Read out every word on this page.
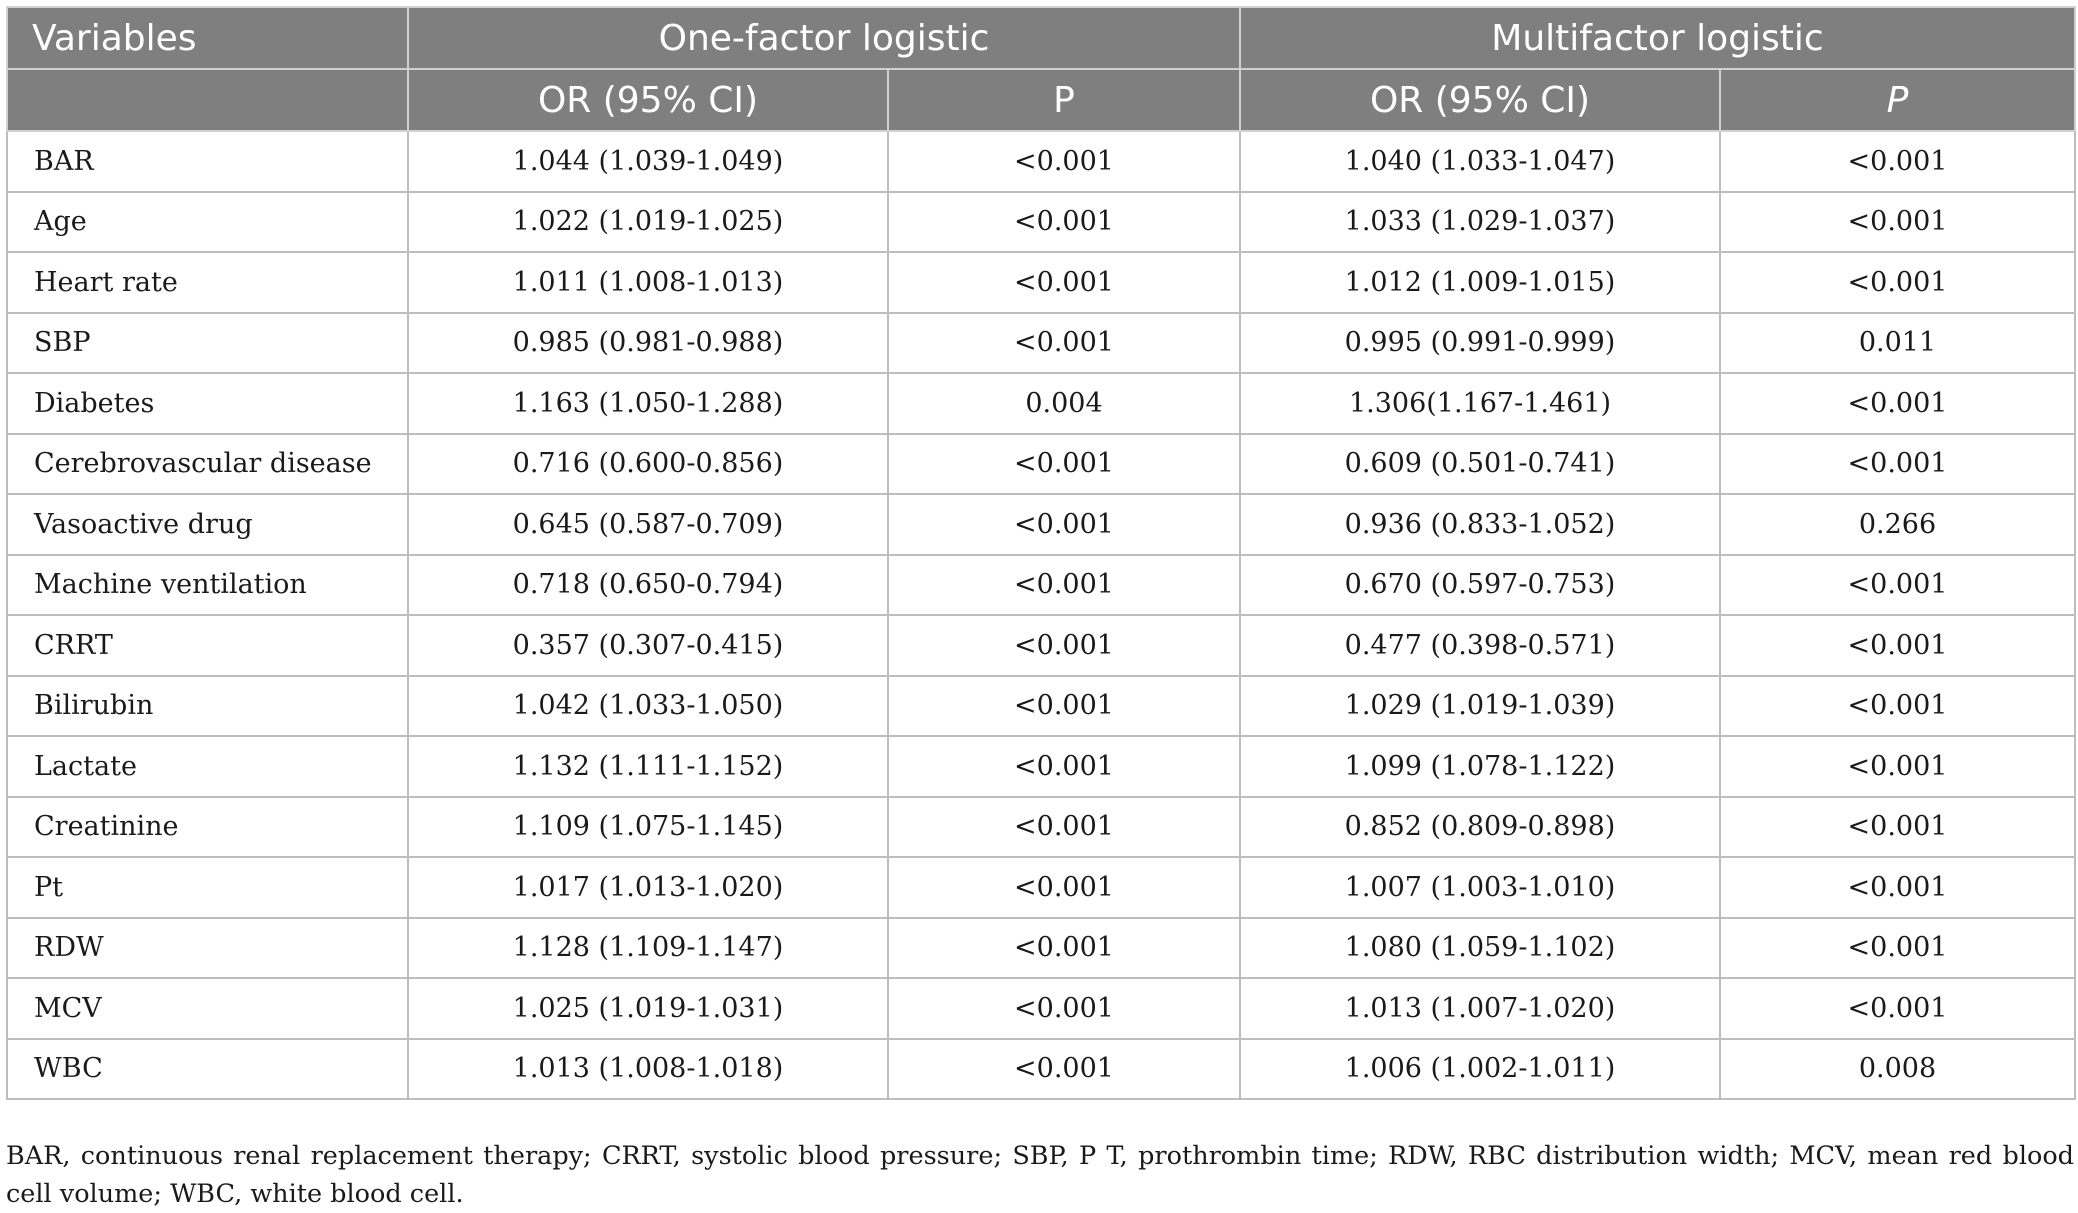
Variables	One-factor logistic		Multifactor logistic	
	OR (95% CI)	P	OR (95% CI)	P
BAR	1.044 (1.039-1.049)	<0.001	1.040 (1.033-1.047)	<0.001
Age	1.022 (1.019-1.025)	<0.001	1.033 (1.029-1.037)	<0.001
Heart rate	1.011 (1.008-1.013)	<0.001	1.012 (1.009-1.015)	<0.001
SBP	0.985 (0.981-0.988)	<0.001	0.995 (0.991-0.999)	0.011
Diabetes	1.163 (1.050-1.288)	0.004	1.306(1.167-1.461)	<0.001
Cerebrovascular disease	0.716 (0.600-0.856)	<0.001	0.609 (0.501-0.741)	<0.001
Vasoactive drug	0.645 (0.587-0.709)	<0.001	0.936 (0.833-1.052)	0.266
Machine ventilation	0.718 (0.650-0.794)	<0.001	0.670 (0.597-0.753)	<0.001
CRRT	0.357 (0.307-0.415)	<0.001	0.477 (0.398-0.571)	<0.001
Bilirubin	1.042 (1.033-1.050)	<0.001	1.029 (1.019-1.039)	<0.001
Lactate	1.132 (1.111-1.152)	<0.001	1.099 (1.078-1.122)	<0.001
Creatinine	1.109 (1.075-1.145)	<0.001	0.852 (0.809-0.898)	<0.001
Pt	1.017 (1.013-1.020)	<0.001	1.007 (1.003-1.010)	<0.001
RDW	1.128 (1.109-1.147)	<0.001	1.080 (1.059-1.102)	<0.001
MCV	1.025 (1.019-1.031)	<0.001	1.013 (1.007-1.020)	<0.001
WBC	1.013 (1.008-1.018)	<0.001	1.006 (1.002-1.011)	0.008
BAR, continuous renal replacement therapy; CRRT, systolic blood pressure; SBP, P T, prothrombin time; RDW, RBC distribution width; MCV, mean red blood cell volume; WBC, white blood cell.
